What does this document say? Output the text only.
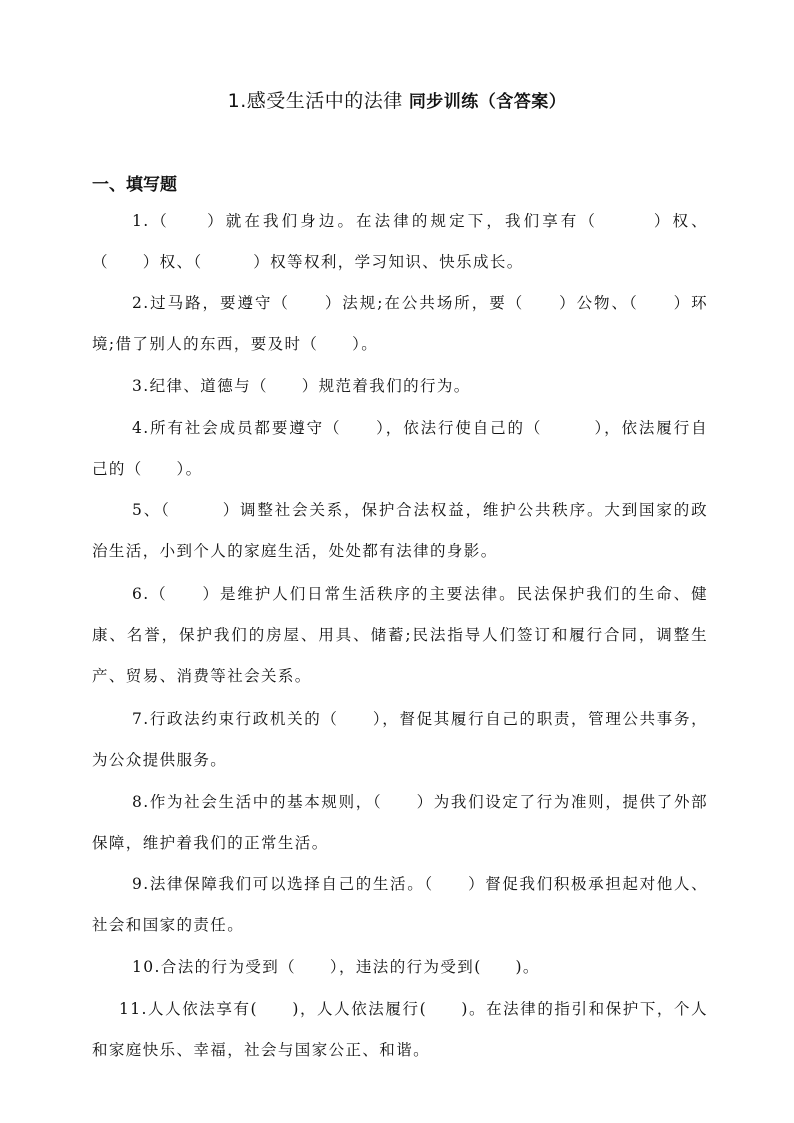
1.感受生活中的法律 同步训练（含答案）
一、填写题

1.（　　）就在我们身边。在法律的规定下，我们享有（　　　）权、（　　）权、（　　　）权等权利，学习知识、快乐成长。

2.过马路，要遵守（　　）法规;在公共场所，要（　　）公物、（　　）环境;借了别人的东西，要及时（　　）。

3.纪律、道德与（　　）规范着我们的行为。

4.所有社会成员都要遵守（　　），依法行使自己的（　　　），依法履行自己的（　　）。

5、（　　　）调整社会关系，保护合法权益，维护公共秩序。大到国家的政治生活，小到个人的家庭生活，处处都有法律的身影。

6.（　　）是维护人们日常生活秩序的主要法律。民法保护我们的生命、健康、名誉，保护我们的房屋、用具、储蓄;民法指导人们签订和履行合同，调整生产、贸易、消费等社会关系。

7.行政法约束行政机关的（　　），督促其履行自己的职责，管理公共事务，为公众提供服务。

8.作为社会生活中的基本规则，（　　）为我们设定了行为准则，提供了外部保障，维护着我们的正常生活。

9.法律保障我们可以选择自己的生活。（　　）督促我们积极承担起对他人、社会和国家的责任。

10.合法的行为受到（　　），违法的行为受到(　　)。

11.人人依法享有(　　)，人人依法履行(　　)。在法律的指引和保护下，个人和家庭快乐、幸福，社会与国家公正、和谐。
